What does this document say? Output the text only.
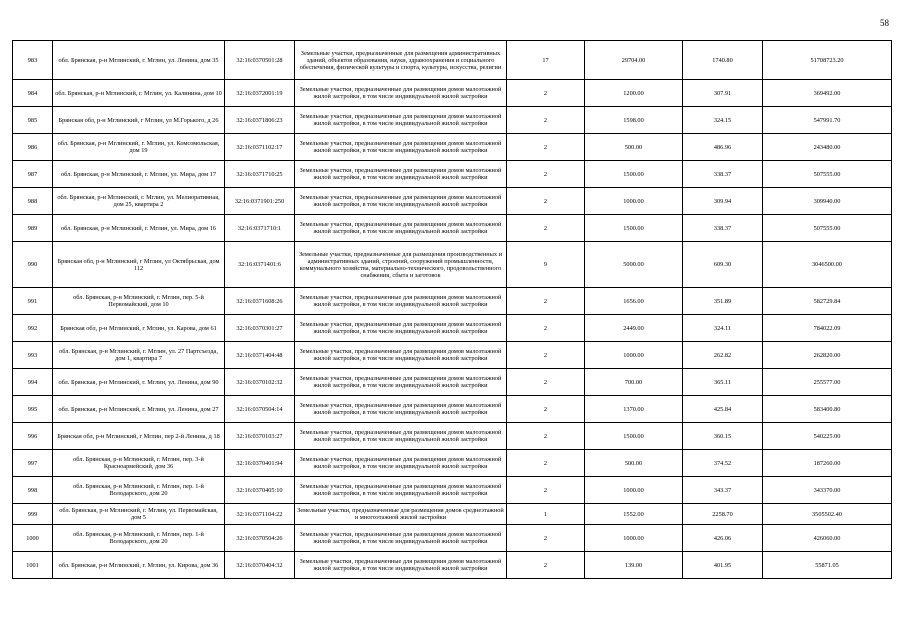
58
983	обл. Брянская, р-н Мглинский, г. Мглин, ул. Ленина, дом 35	32:16:0370501:28	Земельные участки, предназначенные для размещения административных зданий, объектов образования, науки, здравоохранения и социального обеспечения, физической культуры и спорта, культуры, искусства, религии	17	29704.00	1740.80	51708723.20
984	обл. Брянская, р-н Мглинский, г. Мглин, ул. Калинина, дом 10	32:16:0372001:19	Земельные участки, предназначенные для размещения домов малоэтажной жилой застройки, в том числе индивидуальной жилой застройки	2	1200.00	307.91	369492.00
985	Брянская обл, р-н Мглинский, г Мглин, ул М.Горького, д 26	32:16:0371806:23	Земельные участки, предназначенные для размещения домов малоэтажной жилой застройки, в том числе индивидуальной жилой застройки	2	1598.00	324.15	547991.70
986	обл. Брянская, р-н Мглинский, г. Мглин, ул. Комсомольская, дом 19	32:16:0371102:17	Земельные участки, предназначенные для размещения домов малоэтажной жилой застройки, в том числе индивидуальной жилой застройки	2	500.00	486.96	243480.00
987	обл. Брянская, р-н Мглинский, г. Мглин, ул. Мира, дом 17	32:16:0371710:25	Земельные участки, предназначенные для размещения домов малоэтажной жилой застройки, в том числе индивидуальной жилой застройки	2	1500.00	338.37	507555.00
988	обл. Брянская, р-н Мглинский, г. Мглин, ул. Мелиоративная, дом 25, квартира 2	32:16:0371901:250	Земельные участки, предназначенные для размещения домов малоэтажной жилой застройки, в том числе индивидуальной жилой застройки	2	1000.00	309.94	309940.00
989	обл. Брянская, р-н Мглинский, г. Мглин, ул. Мира, дом 16	32:16:0371710:1	Земельные участки, предназначенные для размещения домов малоэтажной жилой застройки, в том числе индивидуальной жилой застройки	2	1500.00	338.37	507555.00
990	Брянская обл, р-н Мглинский, г Мглин, ул Октябрьская, дом 112	32:16:0371401:6	Земельные участки, предназначенные для размещения производственных и административных зданий, строений, сооружений промышленности, коммунального хозяйства, материально-технического, продовольственного снабжения, сбыта и заготовок	9	5000.00	609.30	3046500.00
991	обл. Брянская, р-н Мглинский, г. Мглин, пер. 5-й Первомайский, дом 10	32:16:0371608:26	Земельные участки, предназначенные для размещения домов малоэтажной жилой застройки, в том числе индивидуальной жилой застройки	2	1656.00	351.89	582729.84
992	Брянская обл, р-н Мглинский, г Мглин, ул. Карова, дом 61	32:16:0370301:27	Земельные участки, предназначенные для размещения домов малоэтажной жилой застройки, в том числе индивидуальной жилой застройки	2	2449.00	324.11	784022.09
993	обл. Брянская, р-н Мглинский, г. Мглин, ул. 27 Партсъезда, дом 1, квартира 7	32:16:0371404:48	Земельные участки, предназначенные для размещения домов малоэтажной жилой застройки, в том числе индивидуальной жилой застройки	2	1000.00	262.82	262820.00
994	обл. Брянская, р-н Мглинский, г. Мглин, ул. Ленина, дом 90	32:16:0370102:32	Земельные участки, предназначенные для размещения домов малоэтажной жилой застройки, в том числе индивидуальной жилой застройки	2	700.00	365.11	255577.00
995	обл. Брянская, р-н Мглинский, г. Мглин, ул. Ленина, дом 27	32:16:0370504:14	Земельные участки, предназначенные для размещения домов малоэтажной жилой застройки, в том числе индивидуальной жилой застройки	2	1370.00	425.84	583400.80
996	Брянская обл, р-н Мглинский, г Мглин, пер 2-й Ленина, д 18	32:16:0370103:27	Земельные участки, предназначенные для размещения домов малоэтажной жилой застройки, в том числе индивидуальной жилой застройки	2	1500.00	360.15	540225.00
997	обл. Брянская, р-н Мглинский, г. Мглин, пер. 3-й Красноармейский, дом 36	32:16:0370401:94	Земельные участки, предназначенные для размещения домов малоэтажной жилой застройки, в том числе индивидуальной жилой застройки	2	500.00	374.52	187260.00
998	обл. Брянская, р-н Мглинский, г. Мглин, пер. 1-й Володарского, дом 20	32:16:0370405:10	Земельные участки, предназначенные для размещения домов малоэтажной жилой застройки, в том числе индивидуальной жилой застройки	2	1000.00	343.37	343370.00
999	обл. Брянская, р-н Мглинский, г. Мглин, ул. Первомайская, дом 5	32:16:0371104:22	Земельные участки, предназначенные для размещения домов среднеэтажной и многоэтажной жилой застройки	1	1552.00	2258.70	3505502.40
1000	обл. Брянская, р-н Мглинский, г. Мглин, пер. 1-й Володарского, дом 20	32:16:0370504:26	Земельные участки, предназначенные для размещения домов малоэтажной жилой застройки, в том числе индивидуальной жилой застройки	2	1000.00	426.06	426060.00
1001	обл. Брянская, р-н Мглинский, г. Мглин, ул. Кирова, дом 36	32:16:0370404:32	Земельные участки, предназначенные для размещения домов малоэтажной жилой застройки, в том числе индивидуальной жилой застройки	2	139.00	401.95	55871.05
